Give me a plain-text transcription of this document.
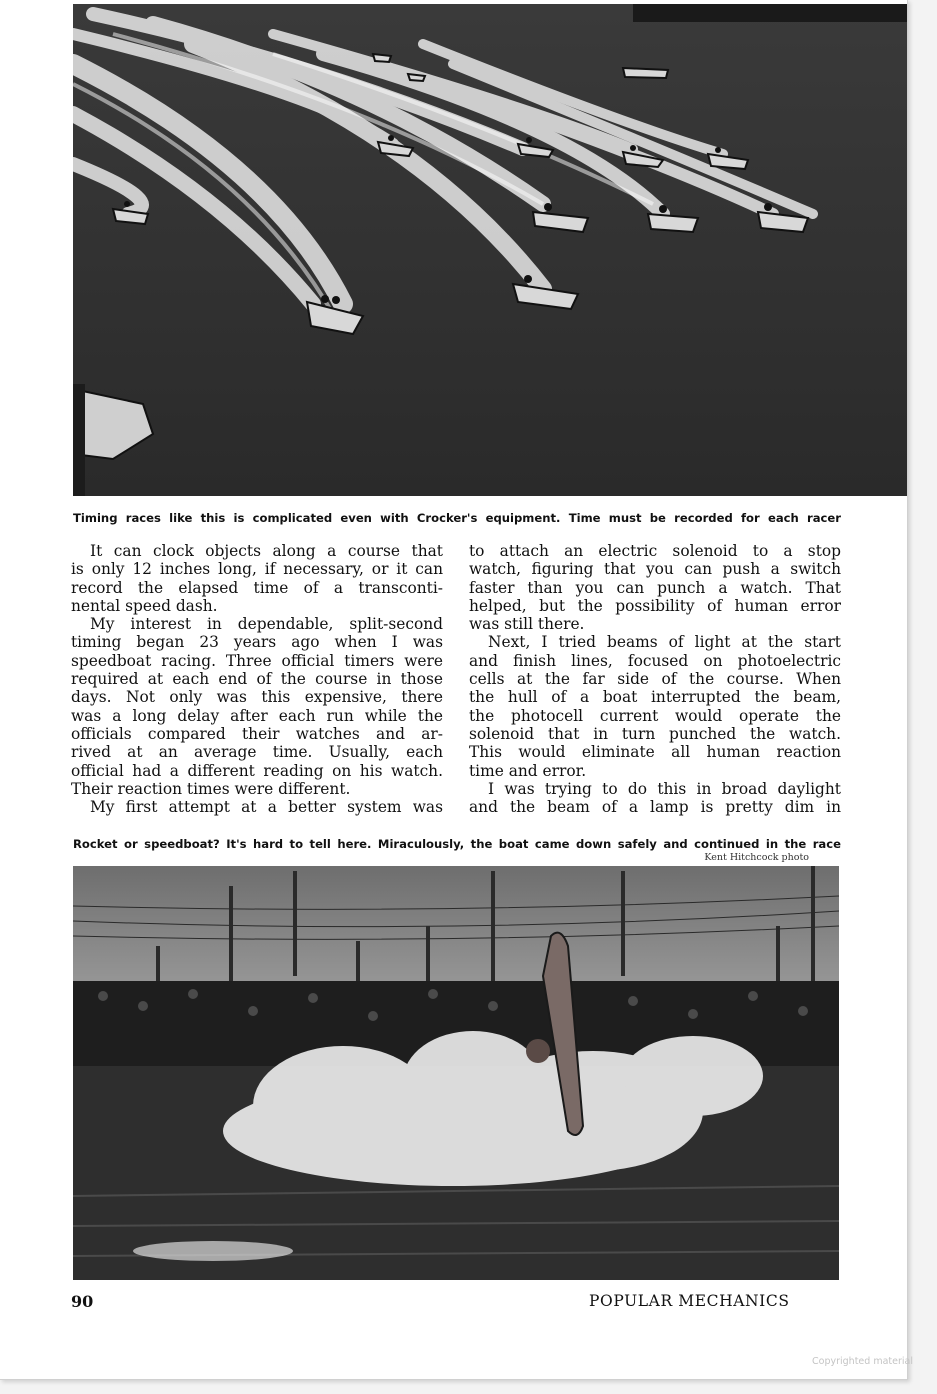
Timing races like this is complicated even with Crocker's equipment. Time must be recorded for each racer
It can clock objects along a course that
is only 12 inches long, if necessary, or it can
record the elapsed time of a transconti-
nental speed dash.
My interest in dependable, split-second
timing began 23 years ago when I was
speedboat racing. Three official timers were
required at each end of the course in those
days. Not only was this expensive, there
was a long delay after each run while the
officials compared their watches and ar-
rived at an average time. Usually, each
official had a different reading on his watch.
Their reaction times were different.
My first attempt at a better system was
to attach an electric solenoid to a stop
watch, figuring that you can push a switch
faster than you can punch a watch. That
helped, but the possibility of human error
was still there.
Next, I tried beams of light at the start
and finish lines, focused on photoelectric
cells at the far side of the course. When
the hull of a boat interrupted the beam,
the photocell current would operate the
solenoid that in turn punched the watch.
This would eliminate all human reaction
time and error.
I was trying to do this in broad daylight
and the beam of a lamp is pretty dim in
Rocket or speedboat? It's hard to tell here. Miraculously, the boat came down safely and continued in the race
Kent Hitchcock photo
90	POPULAR MECHANICS
Copyrighted material
